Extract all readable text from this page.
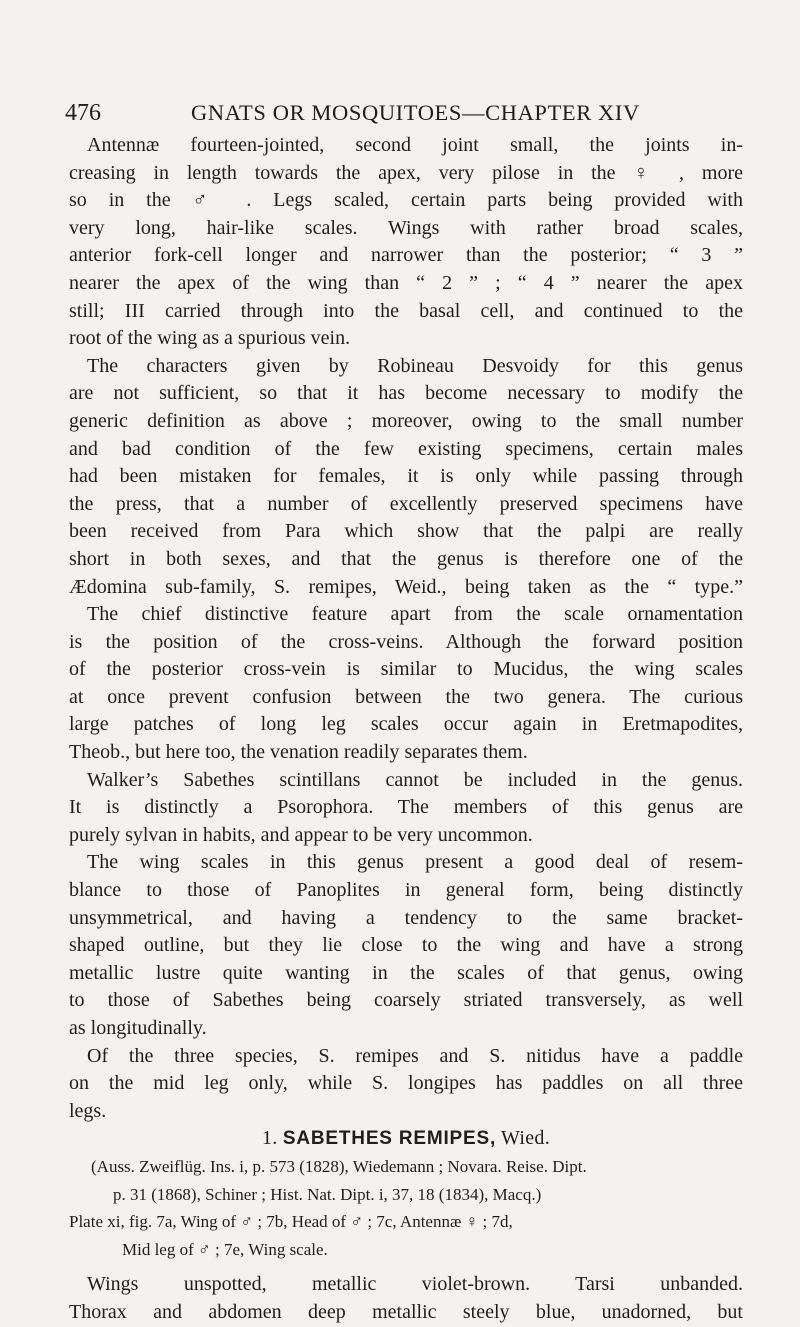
476	GNATS OR MOSQUITOES—CHAPTER XIV
Antennæ fourteen-jointed, second joint small, the joints in-
creasing in length towards the apex, very pilose in the ♀ , more
so in the ♂ . Legs scaled, certain parts being provided with
very long, hair-like scales. Wings with rather broad scales,
anterior fork-cell longer and narrower than the posterior; “ 3 ”
nearer the apex of the wing than “ 2 ” ; “ 4 ” nearer the apex
still; III carried through into the basal cell, and continued to the
root of the wing as a spurious vein.
The characters given by Robineau Desvoidy for this genus
are not sufficient, so that it has become necessary to modify the
generic definition as above ; moreover, owing to the small number
and bad condition of the few existing specimens, certain males
had been mistaken for females, it is only while passing through
the press, that a number of excellently preserved specimens have
been received from Para which show that the palpi are really
short in both sexes, and that the genus is therefore one of the
Ædomina sub-family, S. remipes, Weid., being taken as the “ type.”
The chief distinctive feature apart from the scale ornamentation
is the position of the cross-veins. Although the forward position
of the posterior cross-vein is similar to Mucidus, the wing scales
at once prevent confusion between the two genera. The curious
large patches of long leg scales occur again in Eretmapodites,
Theob., but here too, the venation readily separates them.
Walker’s Sabethes scintillans cannot be included in the genus.
It is distinctly a Psorophora. The members of this genus are
purely sylvan in habits, and appear to be very uncommon.
The wing scales in this genus present a good deal of resem-
blance to those of Panoplites in general form, being distinctly
unsymmetrical, and having a tendency to the same bracket-
shaped outline, but they lie close to the wing and have a strong
metallic lustre quite wanting in the scales of that genus, owing
to those of Sabethes being coarsely striated transversely, as well
as longitudinally.
Of the three species, S. remipes and S. nitidus have a paddle
on the mid leg only, while S. longipes has paddles on all three
legs.
1. SABETHES REMIPES, Wied.
(Auss. Zweiflüg. Ins. i, p. 573 (1828), Wiedemann ; Novara. Reise. Dipt.
p. 31 (1868), Schiner ; Hist. Nat. Dipt. i, 37, 18 (1834), Macq.)
Plate xi, fig. 7a, Wing of ♂ ; 7b, Head of ♂ ; 7c, Antennæ ♀ ; 7d,
Mid leg of ♂ ; 7e, Wing scale.
Wings unspotted, metallic violet-brown. Tarsi unbanded.
Thorax and abdomen deep metallic steely blue, unadorned, but
